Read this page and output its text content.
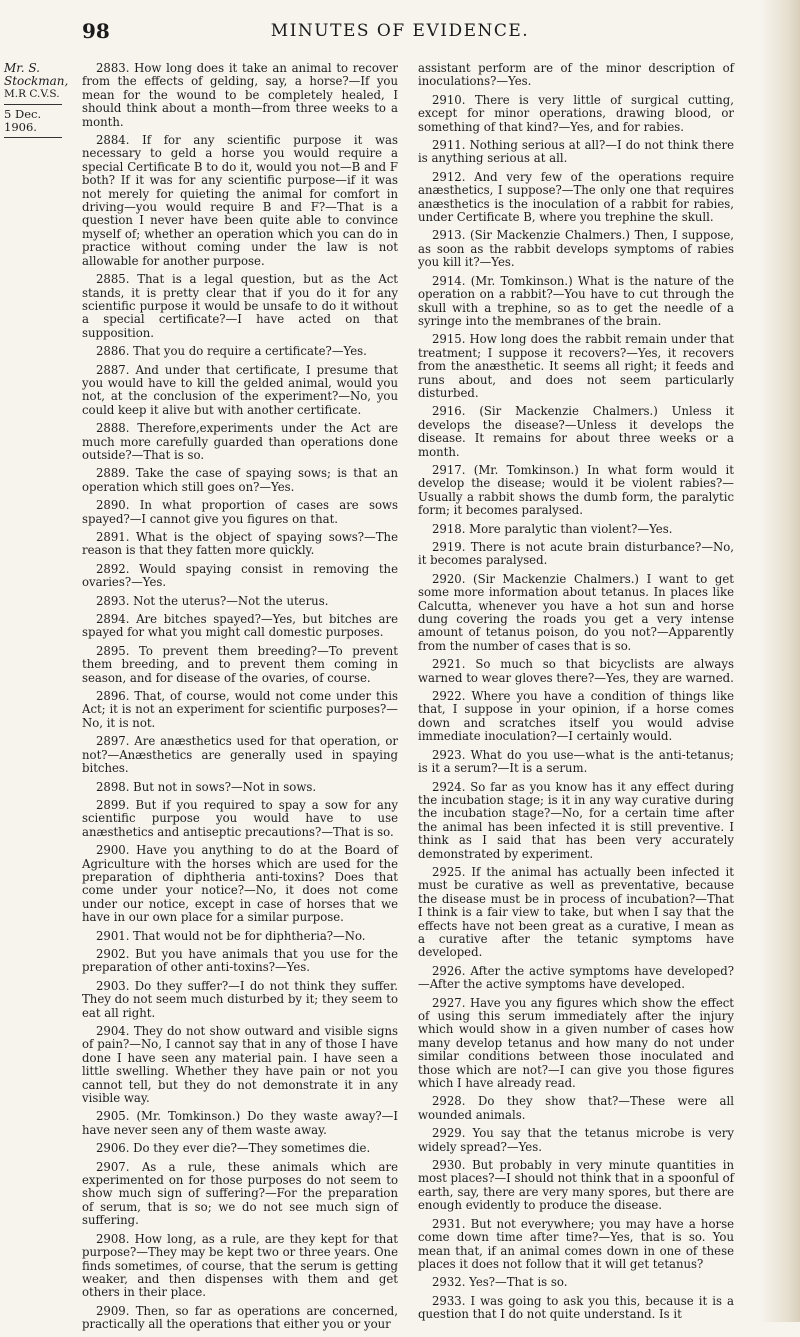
98	MINUTES OF EVIDENCE.
Mr. S.
Stockman,
M.R C.V.S.
5 Dec. 1906.

2883. How long does it take an animal to recover from the effects of gelding, say, a horse?—If you mean for the wound to be completely healed, I should think about a month—from three weeks to a month.

2884. If for any scientific purpose it was necessary to geld a horse you would require a special Certificate B to do it, would you not—B and F both? If it was for any scientific purpose—if it was not merely for quieting the animal for comfort in driving—you would require B and F?—That is a question I never have been quite able to convince myself of; whether an operation which you can do in practice without coming under the law is not allowable for another purpose.

2885. That is a legal question, but as the Act stands, it is pretty clear that if you do it for any scientific purpose it would be unsafe to do it without a special certificate?—I have acted on that supposition.

2886. That you do require a certificate?—Yes.

2887. And under that certificate, I presume that you would have to kill the gelded animal, would you not, at the conclusion of the experiment?—No, you could keep it alive but with another certificate.

2888. Therefore,experiments under the Act are much more carefully guarded than operations done outside?—That is so.

2889. Take the case of spaying sows; is that an operation which still goes on?—Yes.

2890. In what proportion of cases are sows spayed?—I cannot give you figures on that.

2891. What is the object of spaying sows?—The reason is that they fatten more quickly.

2892. Would spaying consist in removing the ovaries?—Yes.

2893. Not the uterus?—Not the uterus.

2894. Are bitches spayed?—Yes, but bitches are spayed for what you might call domestic purposes.

2895. To prevent them breeding?—To prevent them breeding, and to prevent them coming in season, and for disease of the ovaries, of course.

2896. That, of course, would not come under this Act; it is not an experiment for scientific purposes?—No, it is not.

2897. Are anæsthetics used for that operation, or not?—Anæsthetics are generally used in spaying bitches.

2898. But not in sows?—Not in sows.

2899. But if you required to spay a sow for any scientific purpose you would have to use anæsthetics and antiseptic precautions?—That is so.

2900. Have you anything to do at the Board of Agriculture with the horses which are used for the preparation of diphtheria anti-toxins? Does that come under your notice?—No, it does not come under our notice, except in case of horses that we have in our own place for a similar purpose.

2901. That would not be for diphtheria?—No.

2902. But you have animals that you use for the preparation of other anti-toxins?—Yes.

2903. Do they suffer?—I do not think they suffer. They do not seem much disturbed by it; they seem to eat all right.

2904. They do not show outward and visible signs of pain?—No, I cannot say that in any of those I have done I have seen any material pain. I have seen a little swelling. Whether they have pain or not you cannot tell, but they do not demonstrate it in any visible way.

2905. (Mr. Tomkinson.) Do they waste away?—I have never seen any of them waste away.

2906. Do they ever die?—They sometimes die.

2907. As a rule, these animals which are experimented on for those purposes do not seem to show much sign of suffering?—For the preparation of serum, that is so; we do not see much sign of suffering.

2908. How long, as a rule, are they kept for that purpose?—They may be kept two or three years. One finds sometimes, of course, that the serum is getting weaker, and then dispenses with them and get others in their place.

2909. Then, so far as operations are concerned, practically all the operations that either you or your

assistant perform are of the minor description of inoculations?—Yes.

2910. There is very little of surgical cutting, except for minor operations, drawing blood, or something of that kind?—Yes, and for rabies.

2911. Nothing serious at all?—I do not think there is anything serious at all.

2912. And very few of the operations require anæsthetics, I suppose?—The only one that requires anæsthetics is the inoculation of a rabbit for rabies, under Certificate B, where you trephine the skull.

2913. (Sir Mackenzie Chalmers.) Then, I suppose, as soon as the rabbit develops symptoms of rabies you kill it?—Yes.

2914. (Mr. Tomkinson.) What is the nature of the operation on a rabbit?—You have to cut through the skull with a trephine, so as to get the needle of a syringe into the membranes of the brain.

2915. How long does the rabbit remain under that treatment; I suppose it recovers?—Yes, it recovers from the anæsthetic. It seems all right; it feeds and runs about, and does not seem particularly disturbed.

2916. (Sir Mackenzie Chalmers.) Unless it develops the disease?—Unless it develops the disease. It remains for about three weeks or a month.

2917. (Mr. Tomkinson.) In what form would it develop the disease; would it be violent rabies?—Usually a rabbit shows the dumb form, the paralytic form; it becomes paralysed.

2918. More paralytic than violent?—Yes.

2919. There is not acute brain disturbance?—No, it becomes paralysed.

2920. (Sir Mackenzie Chalmers.) I want to get some more information about tetanus. In places like Calcutta, whenever you have a hot sun and horse dung covering the roads you get a very intense amount of tetanus poison, do you not?—Apparently from the number of cases that is so.

2921. So much so that bicyclists are always warned to wear gloves there?—Yes, they are warned.

2922. Where you have a condition of things like that, I suppose in your opinion, if a horse comes down and scratches itself you would advise immediate inoculation?—I certainly would.

2923. What do you use—what is the anti-tetanus; is it a serum?—It is a serum.

2924. So far as you know has it any effect during the incubation stage; is it in any way curative during the incubation stage?—No, for a certain time after the animal has been infected it is still preventive. I think as I said that has been very accurately demonstrated by experiment.

2925. If the animal has actually been infected it must be curative as well as preventative, because the disease must be in process of incubation?—That I think is a fair view to take, but when I say that the effects have not been great as a curative, I mean as a curative after the tetanic symptoms have developed.

2926. After the active symptoms have developed?—After the active symptoms have developed.

2927. Have you any figures which show the effect of using this serum immediately after the injury which would show in a given number of cases how many develop tetanus and how many do not under similar conditions between those inoculated and those which are not?—I can give you those figures which I have already read.

2928. Do they show that?—These were all wounded animals.

2929. You say that the tetanus microbe is very widely spread?—Yes.

2930. But probably in very minute quantities in most places?—I should not think that in a spoonful of earth, say, there are very many spores, but there are enough evidently to produce the disease.

2931. But not everywhere; you may have a horse come down time after time?—Yes, that is so. You mean that, if an animal comes down in one of these places it does not follow that it will get tetanus?

2932. Yes?—That is so.

2933. I was going to ask you this, because it is a question that I do not quite understand. Is it
